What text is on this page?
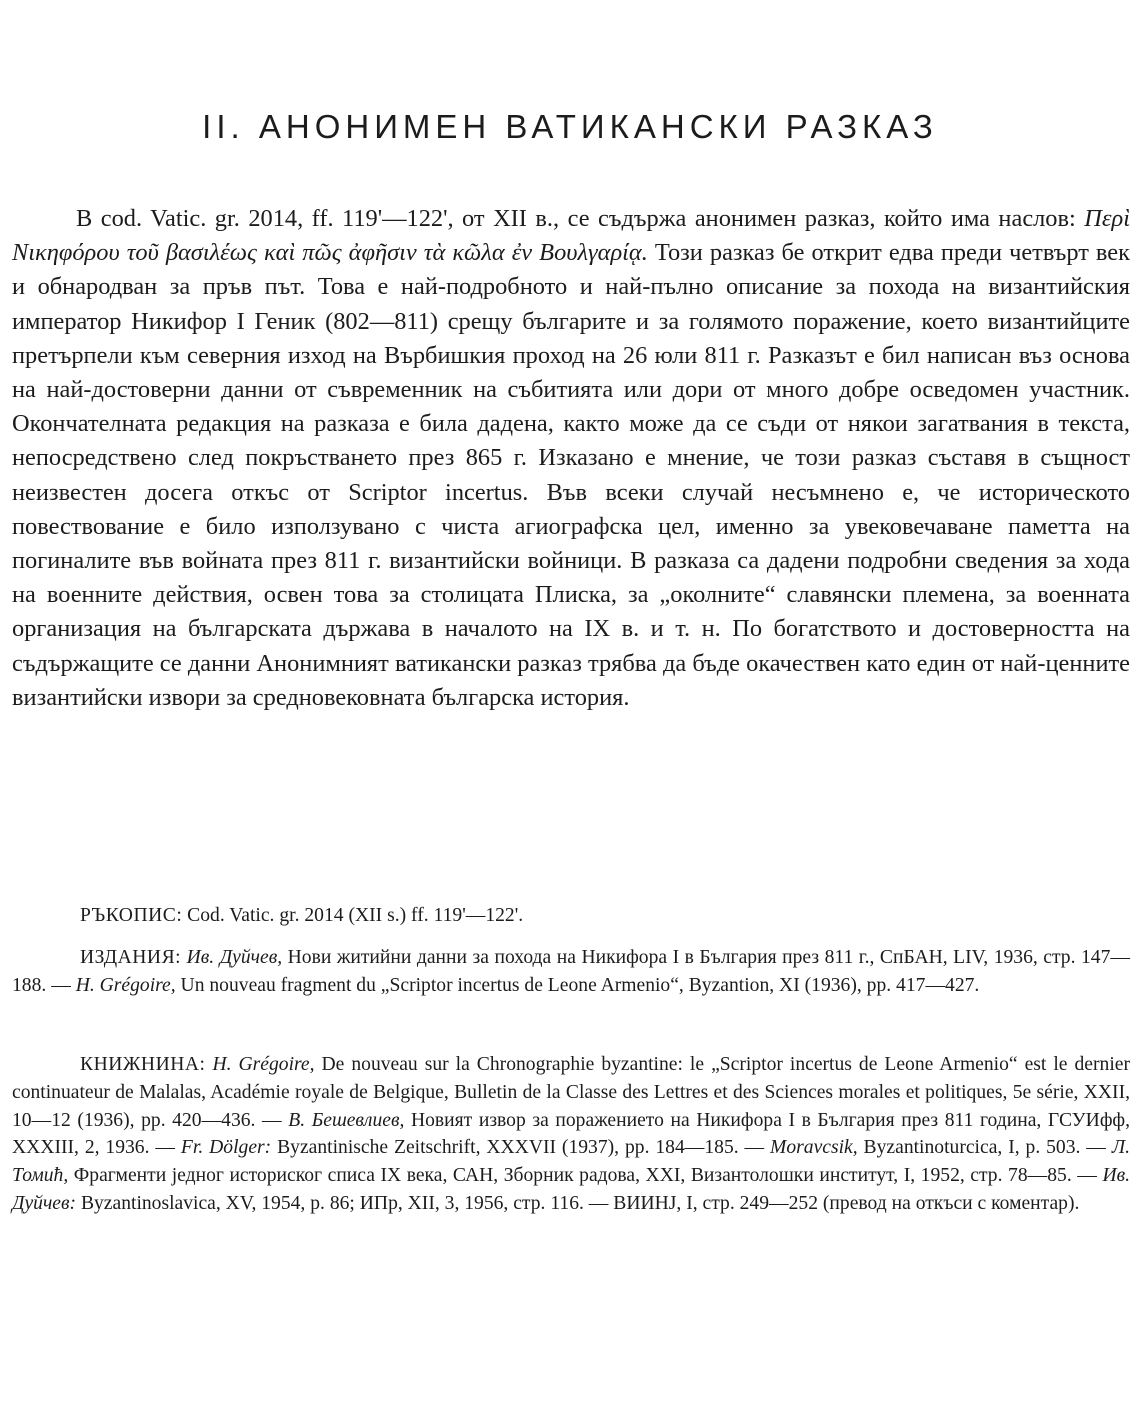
II. АНОНИМЕН ВАТИКАНСКИ РАЗКАЗ

В cod. Vatic. gr. 2014, ff. 119'—122', от XII в., се съдържа анонимен разказ, който има наслов: Περὶ Νικηφόρου τοῦ βασιλέως καὶ πῶς ἀφῆσιν τὰ κῶλα ἐν Βουλγαρίᾳ. Този разказ бе открит едва преди четвърт век и обнародван за пръв път. Това е най-подробното и най-пълно описание за похода на византийския император Никифор I Геник (802—811) срещу българите и за голямото поражение, което византийците претърпели към северния изход на Върбишкия проход на 26 юли 811 г. Разказът е бил написан въз основа на най-достоверни данни от съвременник на събитията или дори от много добре осведомен участник. Окончателната редакция на разказа е била дадена, както може да се съди от някои загатвания в текста, непосредствено след покръстването през 865 г. Изказано е мнение, че този разказ съставя в същност неизвестен досега откъс от Scriptor incertus. Във всеки случай несъмнено е, че историческото повествование е било използувано с чиста агиографска цел, именно за увековечаване паметта на погиналите във войната през 811 г. византийски войници. В разказа са дадени подробни сведения за хода на военните действия, освен това за столицата Плиска, за „околните“ славянски племена, за военната организация на българската държава в началото на IX в. и т. н. По богатството и достоверността на съдържащите се данни Анонимният ватикански разказ трябва да бъде окачествен като един от най-ценните византийски извори за средновековната българска история.

РЪКОПИС: Cod. Vatic. gr. 2014 (XII s.) ff. 119'—122'.

ИЗДАНИЯ: Ив. Дуйчев, Нови житийни данни за похода на Никифора I в България през 811 г., СпБАН, LIV, 1936, стр. 147—188. — H. Grégoire, Un nouveau fragment du „Scriptor incertus de Leone Armenio“, Byzantion, XI (1936), pp. 417—427.

КНИЖНИНА: H. Grégoire, De nouveau sur la Chronographie byzantine: le „Scriptor incertus de Leone Armenio“ est le dernier continuateur de Malalas, Académie royale de Belgique, Bulletin de la Classe des Lettres et des Sciences morales et politiques, 5e série, XXII, 10—12 (1936), pp. 420—436. — В. Бешевлиев, Новият извор за поражението на Никифора I в България през 811 година, ГСУИфф, XXXIII, 2, 1936. — Fr. Dölger: Byzantinische Zeitschrift, XXXVII (1937), pp. 184—185. — Moravcsik, Byzantinoturcica, I, p. 503. — Л. Томић, Фрагменти једног историског списа IX века, САН, Зборник радова, XXI, Византолошки институт, I, 1952, стр. 78—85. — Ив. Дуйчев: Byzantinoslavica, XV, 1954, p. 86; ИПр, XII, 3, 1956, стр. 116. — ВИИНЈ, I, стр. 249—252 (превод на откъси с коментар).
